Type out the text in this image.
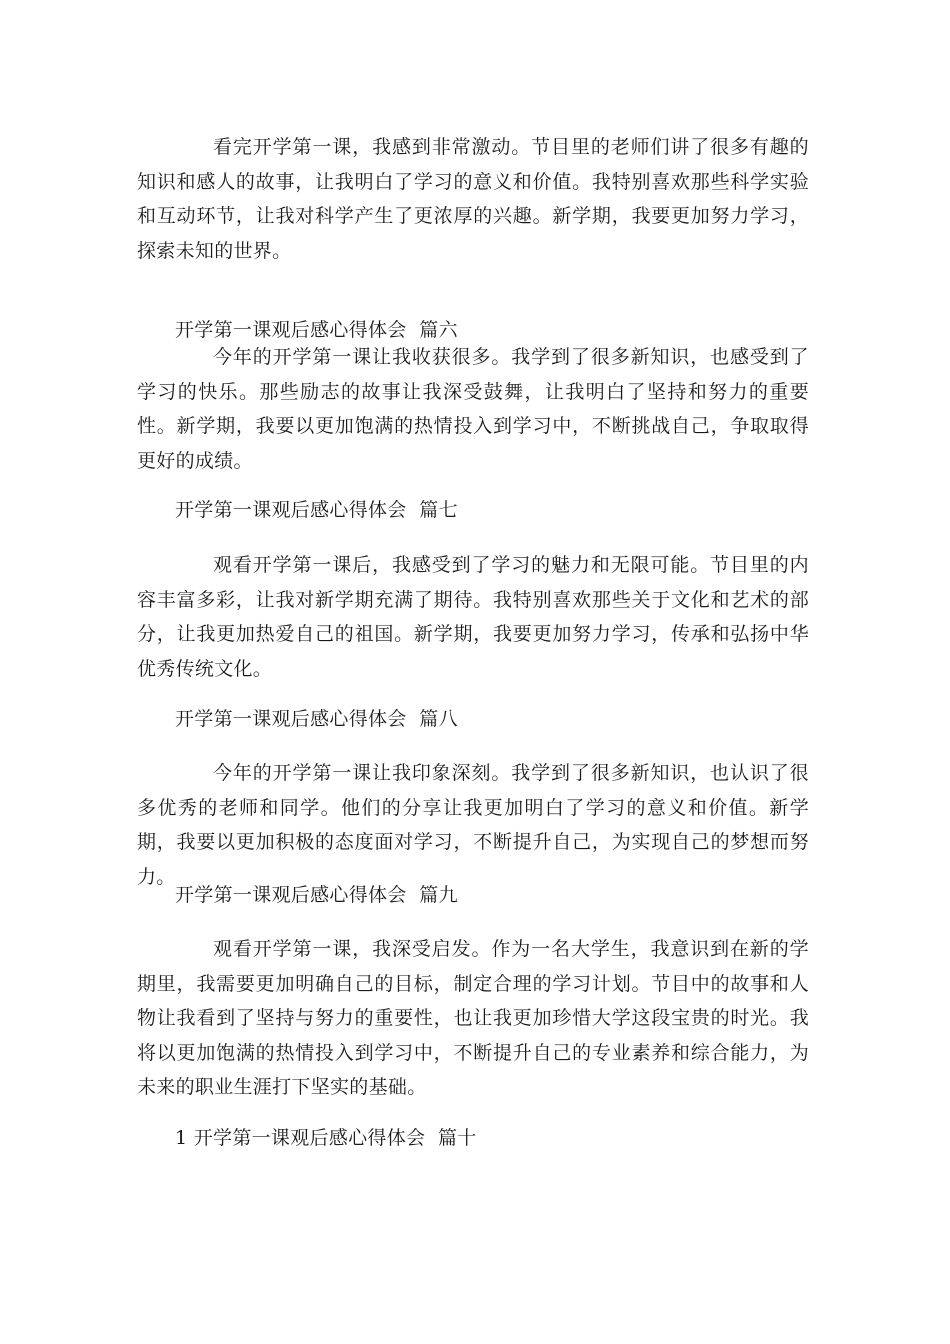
看完开学第一课，我感到非常激动。节目里的老师们讲了很多有趣的知识和感人的故事，让我明白了学习的意义和价值。我特别喜欢那些科学实验和互动环节，让我对科学产生了更浓厚的兴趣。新学期，我要更加努力学习，探索未知的世界。

开学第一课观后感心得体会  篇六

今年的开学第一课让我收获很多。我学到了很多新知识，也感受到了学习的快乐。那些励志的故事让我深受鼓舞，让我明白了坚持和努力的重要性。新学期，我要以更加饱满的热情投入到学习中，不断挑战自己，争取取得更好的成绩。

开学第一课观后感心得体会  篇七

观看开学第一课后，我感受到了学习的魅力和无限可能。节目里的内容丰富多彩，让我对新学期充满了期待。我特别喜欢那些关于文化和艺术的部分，让我更加热爱自己的祖国。新学期，我要更加努力学习，传承和弘扬中华优秀传统文化。

开学第一课观后感心得体会  篇八

今年的开学第一课让我印象深刻。我学到了很多新知识，也认识了很多优秀的老师和同学。他们的分享让我更加明白了学习的意义和价值。新学期，我要以更加积极的态度面对学习，不断提升自己，为实现自己的梦想而努力。

开学第一课观后感心得体会  篇九

观看开学第一课，我深受启发。作为一名大学生，我意识到在新的学期里，我需要更加明确自己的目标，制定合理的学习计划。节目中的故事和人物让我看到了坚持与努力的重要性，也让我更加珍惜大学这段宝贵的时光。我将以更加饱满的热情投入到学习中，不断提升自己的专业素养和综合能力，为未来的职业生涯打下坚实的基础。

1 开学第一课观后感心得体会  篇十
